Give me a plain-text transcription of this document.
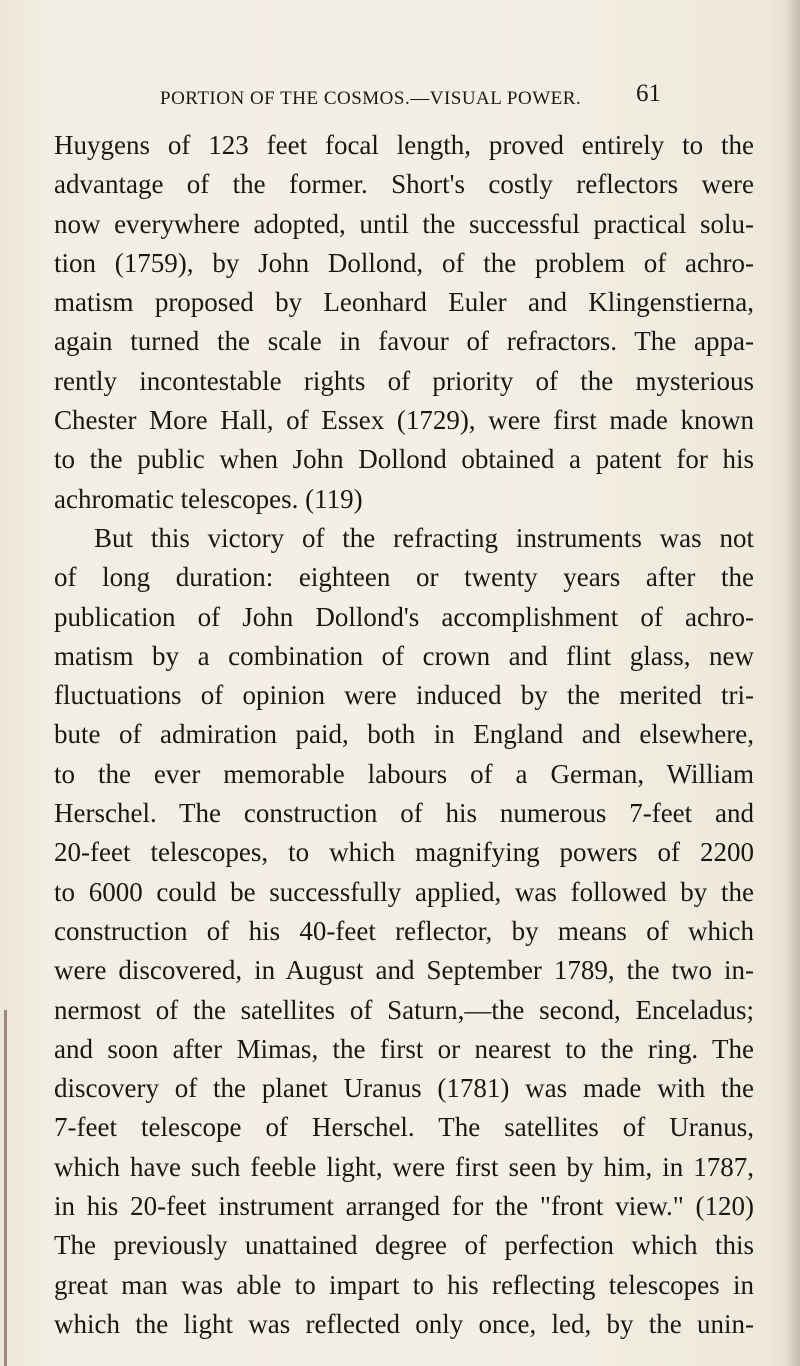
PORTION OF THE COSMOS.—VISUAL POWER.	61
Huygens of 123 feet focal length, proved entirely to the
advantage of the former. Short's costly reflectors were
now everywhere adopted, until the successful practical solu-
tion (1759), by John Dollond, of the problem of achro-
matism proposed by Leonhard Euler and Klingenstierna,
again turned the scale in favour of refractors. The appa-
rently incontestable rights of priority of the mysterious
Chester More Hall, of Essex (1729), were first made known
to the public when John Dollond obtained a patent for his
achromatic telescopes. (119)
But this victory of the refracting instruments was not
of long duration: eighteen or twenty years after the
publication of John Dollond's accomplishment of achro-
matism by a combination of crown and flint glass, new
fluctuations of opinion were induced by the merited tri-
bute of admiration paid, both in England and elsewhere,
to the ever memorable labours of a German, William
Herschel. The construction of his numerous 7-feet and
20-feet telescopes, to which magnifying powers of 2200
to 6000 could be successfully applied, was followed by the
construction of his 40-feet reflector, by means of which
were discovered, in August and September 1789, the two in-
nermost of the satellites of Saturn,—the second, Enceladus;
and soon after Mimas, the first or nearest to the ring. The
discovery of the planet Uranus (1781) was made with the
7-feet telescope of Herschel. The satellites of Uranus,
which have such feeble light, were first seen by him, in 1787,
in his 20-feet instrument arranged for the "front view." (120)
The previously unattained degree of perfection which this
great man was able to impart to his reflecting telescopes in
which the light was reflected only once, led, by the unin-
